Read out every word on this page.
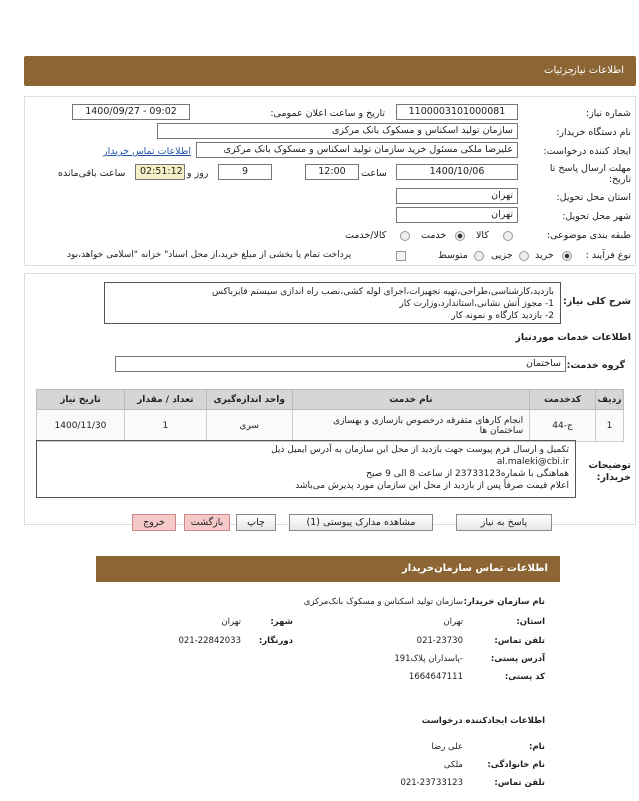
جزئیات
اطلاعات نیاز
شماره نیاز:
1100003101000081
تاریخ و ساعت اعلان عمومی:
1400/09/27 - 09:02
نام دستگاه خریدار:
سازمان تولید اسکناس و مسکوک بانک مرکزی
ایجاد کننده درخواست:
علیرضا ملکی مسئول خرید سازمان تولید اسکناس و مسکوک بانک مرکزی
اطلاعات تماس خریدار
مهلت ارسال پاسخ تا تاریخ:
1400/10/06
ساعت
12:00
9
روز و
02:51:12
ساعت باقی‌مانده
استان محل تحویل:
تهران
شهر محل تحویل:
تهران
طبقه بندی موضوعی:
کالا
خدمت
کالا/خدمت
نوع فرآیند :
خرید
جزیی
متوسط
پرداخت تمام یا بخشی از مبلغ خرید،از محل اسناد" خزانه "اسلامی خواهد،بود
شرح کلی نیاز:
بازدید،کارشناسی،طراحی،تهیه تجهیزات،اجرای لوله کشی،نصب راه اندازی سیستم فایرباکس
1- مجوز آتش نشانی،استاندارد،وزارت کار
2- بازدید کارگاه و نمونه کار
اطلاعات خدمات موردنیاز
گروه خدمت:
ساختمان
ردیف	کدخدمت	نام خدمت	واحد اندازه‌گیری	تعداد / مقدار	تاریخ نیاز
1	ج-44	انجام کارهای متفرقه درخصوص بازسازی و بهسازی ساختمان ها	سری	1	1400/11/30
توضیحات خریدار:
تکمیل و ارسال فرم پیوست جهت بازدید از محل این سازمان به آدرس ایمیل ذیل
al.maleki@cbi.ir
هماهنگی با شماره23733123 از ساعت 8 الی 9 صبح
اعلام قیمت صرفاً پس از بازدید از محل این سازمان مورد پذیرش می‌باشد
پاسخ به نیاز
مشاهده مدارک پیوستی (1)
چاپ
بازگشت
خروج
اطلاعات تماس سازمان‌خریدار
نام سازمان خریدار:
سازمان تولید اسکناس و مسکوک بانک‌مرکزی
استان:
تهران
شهر:
تهران
تلفن تماس:
021-23730
دورنگار:
021-22842033
آدرس پستی:
-پاسداران پلاک191
کد پستی:
1664647111
اطلاعات ایجادکننده درخواست
نام:
علی رضا
نام خانوادگی:
ملکی
تلفن تماس:
021-23733123
